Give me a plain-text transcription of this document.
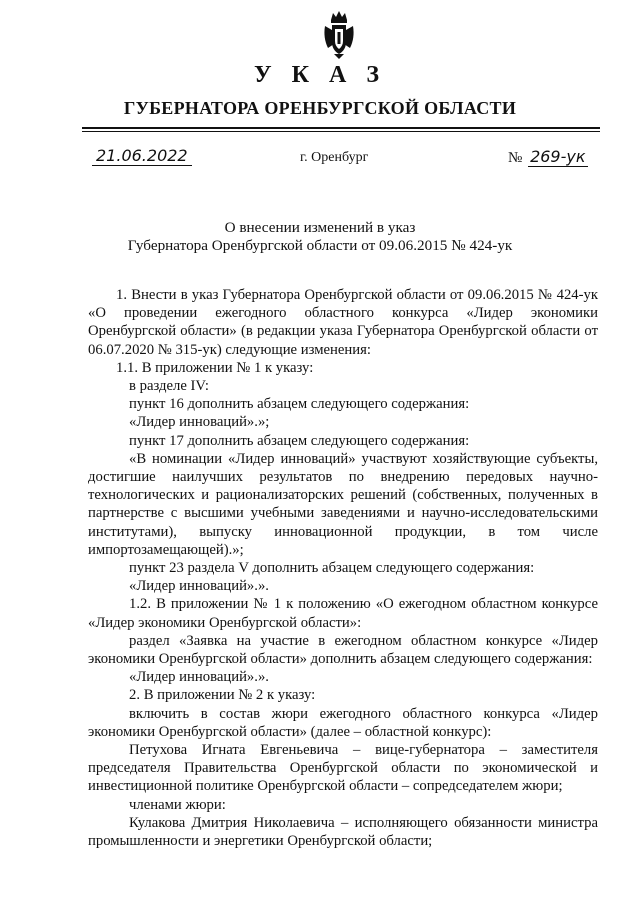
У К А З
ГУБЕРНАТОРА ОРЕНБУРГСКОЙ ОБЛАСТИ
21.06.2022	г. Оренбург	№ 269-ук
О внесении изменений в указ
Губернатора Оренбургской области от 09.06.2015 № 424-ук

1. Внести в указ Губернатора Оренбургской области от 09.06.2015 № 424-ук «О проведении ежегодного областного конкурса «Лидер экономики Оренбургской области» (в редакции указа Губернатора Оренбургской области от 06.07.2020 № 315-ук) следующие изменения:

1.1. В приложении № 1 к указу:

в разделе IV:

пункт 16 дополнить абзацем следующего содержания:

«Лидер инноваций».»;

пункт 17 дополнить абзацем следующего содержания:

«В номинации «Лидер инноваций» участвуют хозяйствующие субъекты, достигшие наилучших результатов по внедрению передовых научно-технологических и рационализаторских решений (собственных, полученных в партнерстве с высшими учебными заведениями и научно-исследовательскими институтами), выпуску инновационной продукции, в том числе импортозамещающей).»;

пункт 23 раздела V дополнить абзацем следующего содержания:

«Лидер инноваций».».

1.2. В приложении № 1 к положению «О ежегодном областном конкурсе «Лидер экономики Оренбургской области»:

раздел «Заявка на участие в ежегодном областном конкурсе «Лидер экономики Оренбургской области» дополнить абзацем следующего содержания:

«Лидер инноваций».».

2. В приложении № 2 к указу:

включить в состав жюри ежегодного областного конкурса «Лидер экономики Оренбургской области» (далее – областной конкурс):

Петухова Игната Евгеньевича – вице-губернатора – заместителя председателя Правительства Оренбургской области по экономической и инвестиционной политике Оренбургской области – сопредседателем жюри;

членами жюри:

Кулакова Дмитрия Николаевича – исполняющего обязанности министра промышленности и энергетики Оренбургской области;
